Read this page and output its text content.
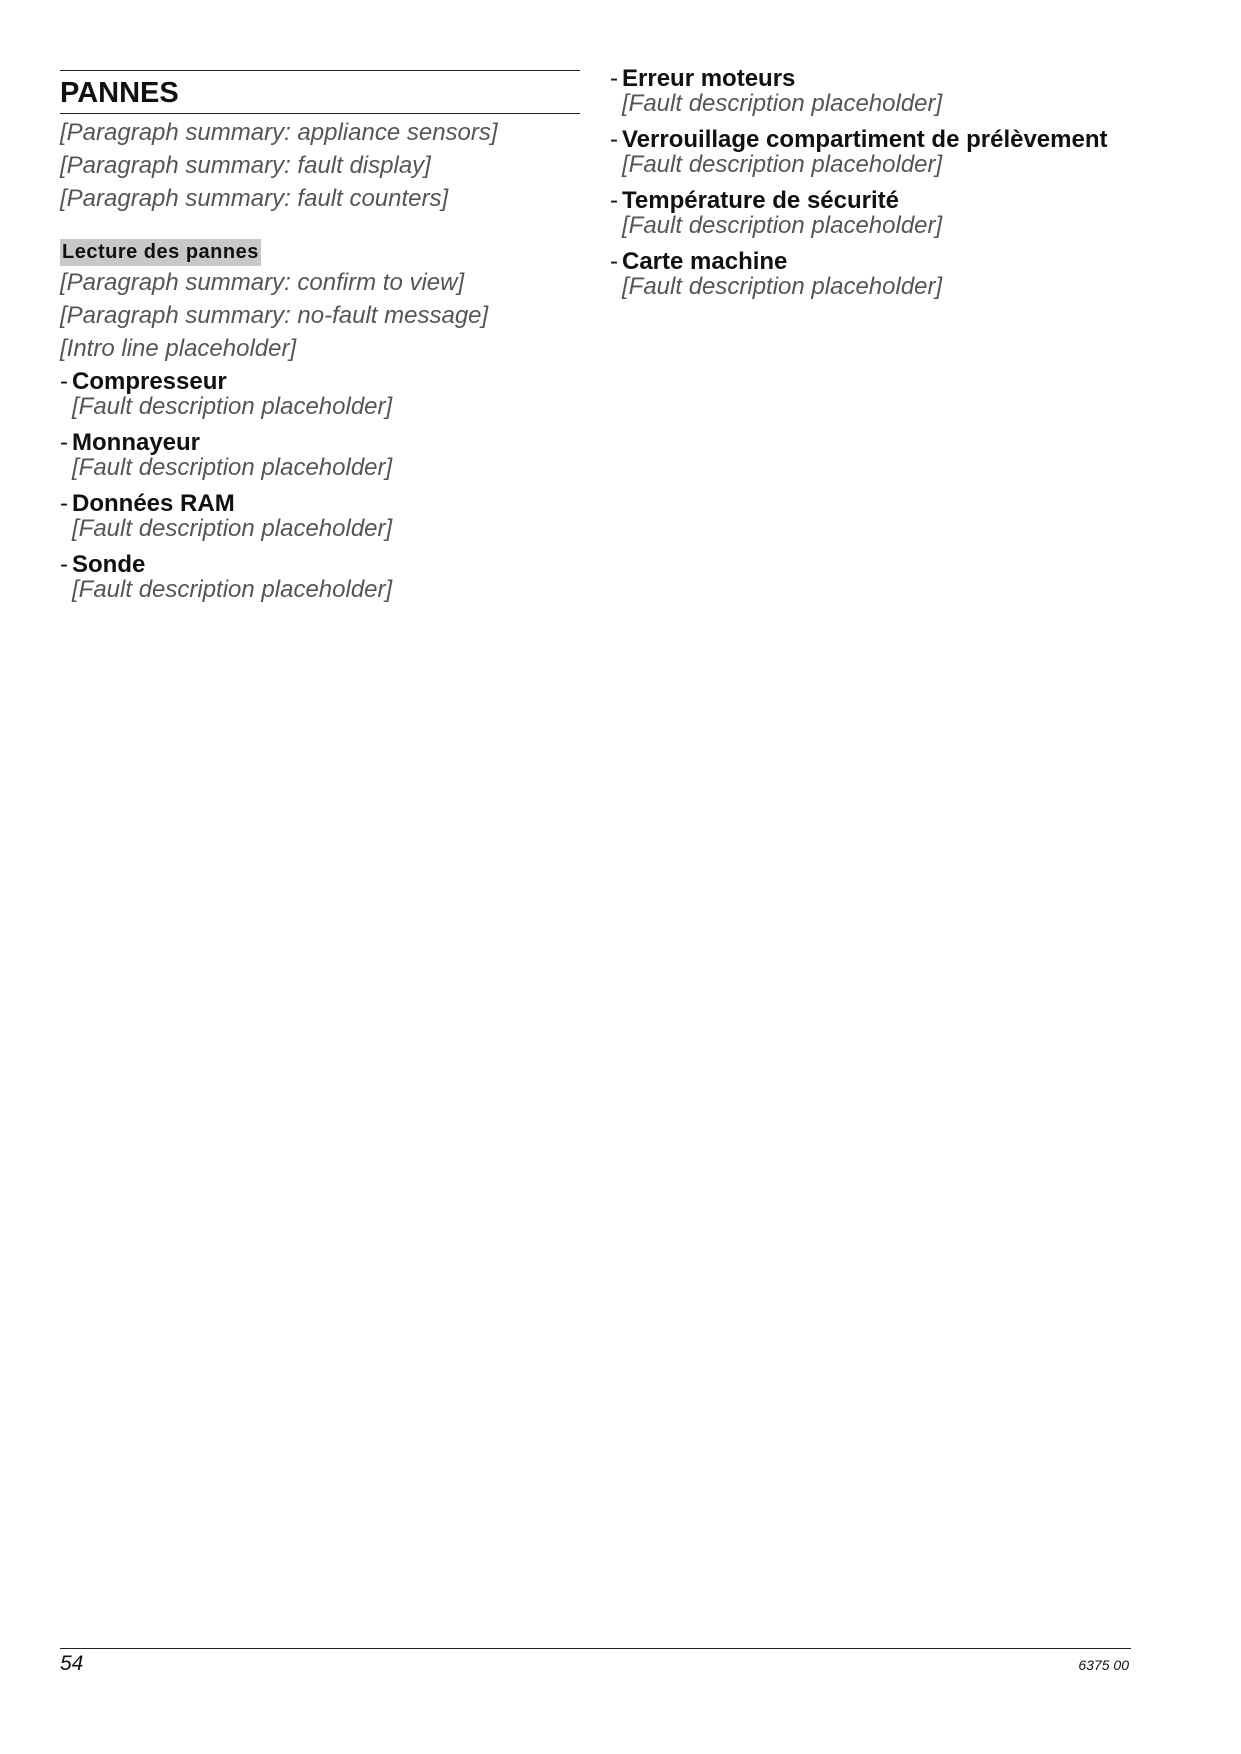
PANNES

[Paragraph summary: appliance sensors]

[Paragraph summary: fault display]

[Paragraph summary: fault counters]

Lecture des pannes

[Paragraph summary: confirm to view]

[Paragraph summary: no-fault message]

[Intro line placeholder]

- Compresseur
[Fault description placeholder]
- Monnayeur
[Fault description placeholder]
- Données RAM
[Fault description placeholder]
- Sonde
[Fault description placeholder]
- Erreur moteurs
[Fault description placeholder]
- Verrouillage compartiment de prélèvement
[Fault description placeholder]
- Température de sécurité
[Fault description placeholder]
- Carte machine
[Fault description placeholder]
54	6375 00
